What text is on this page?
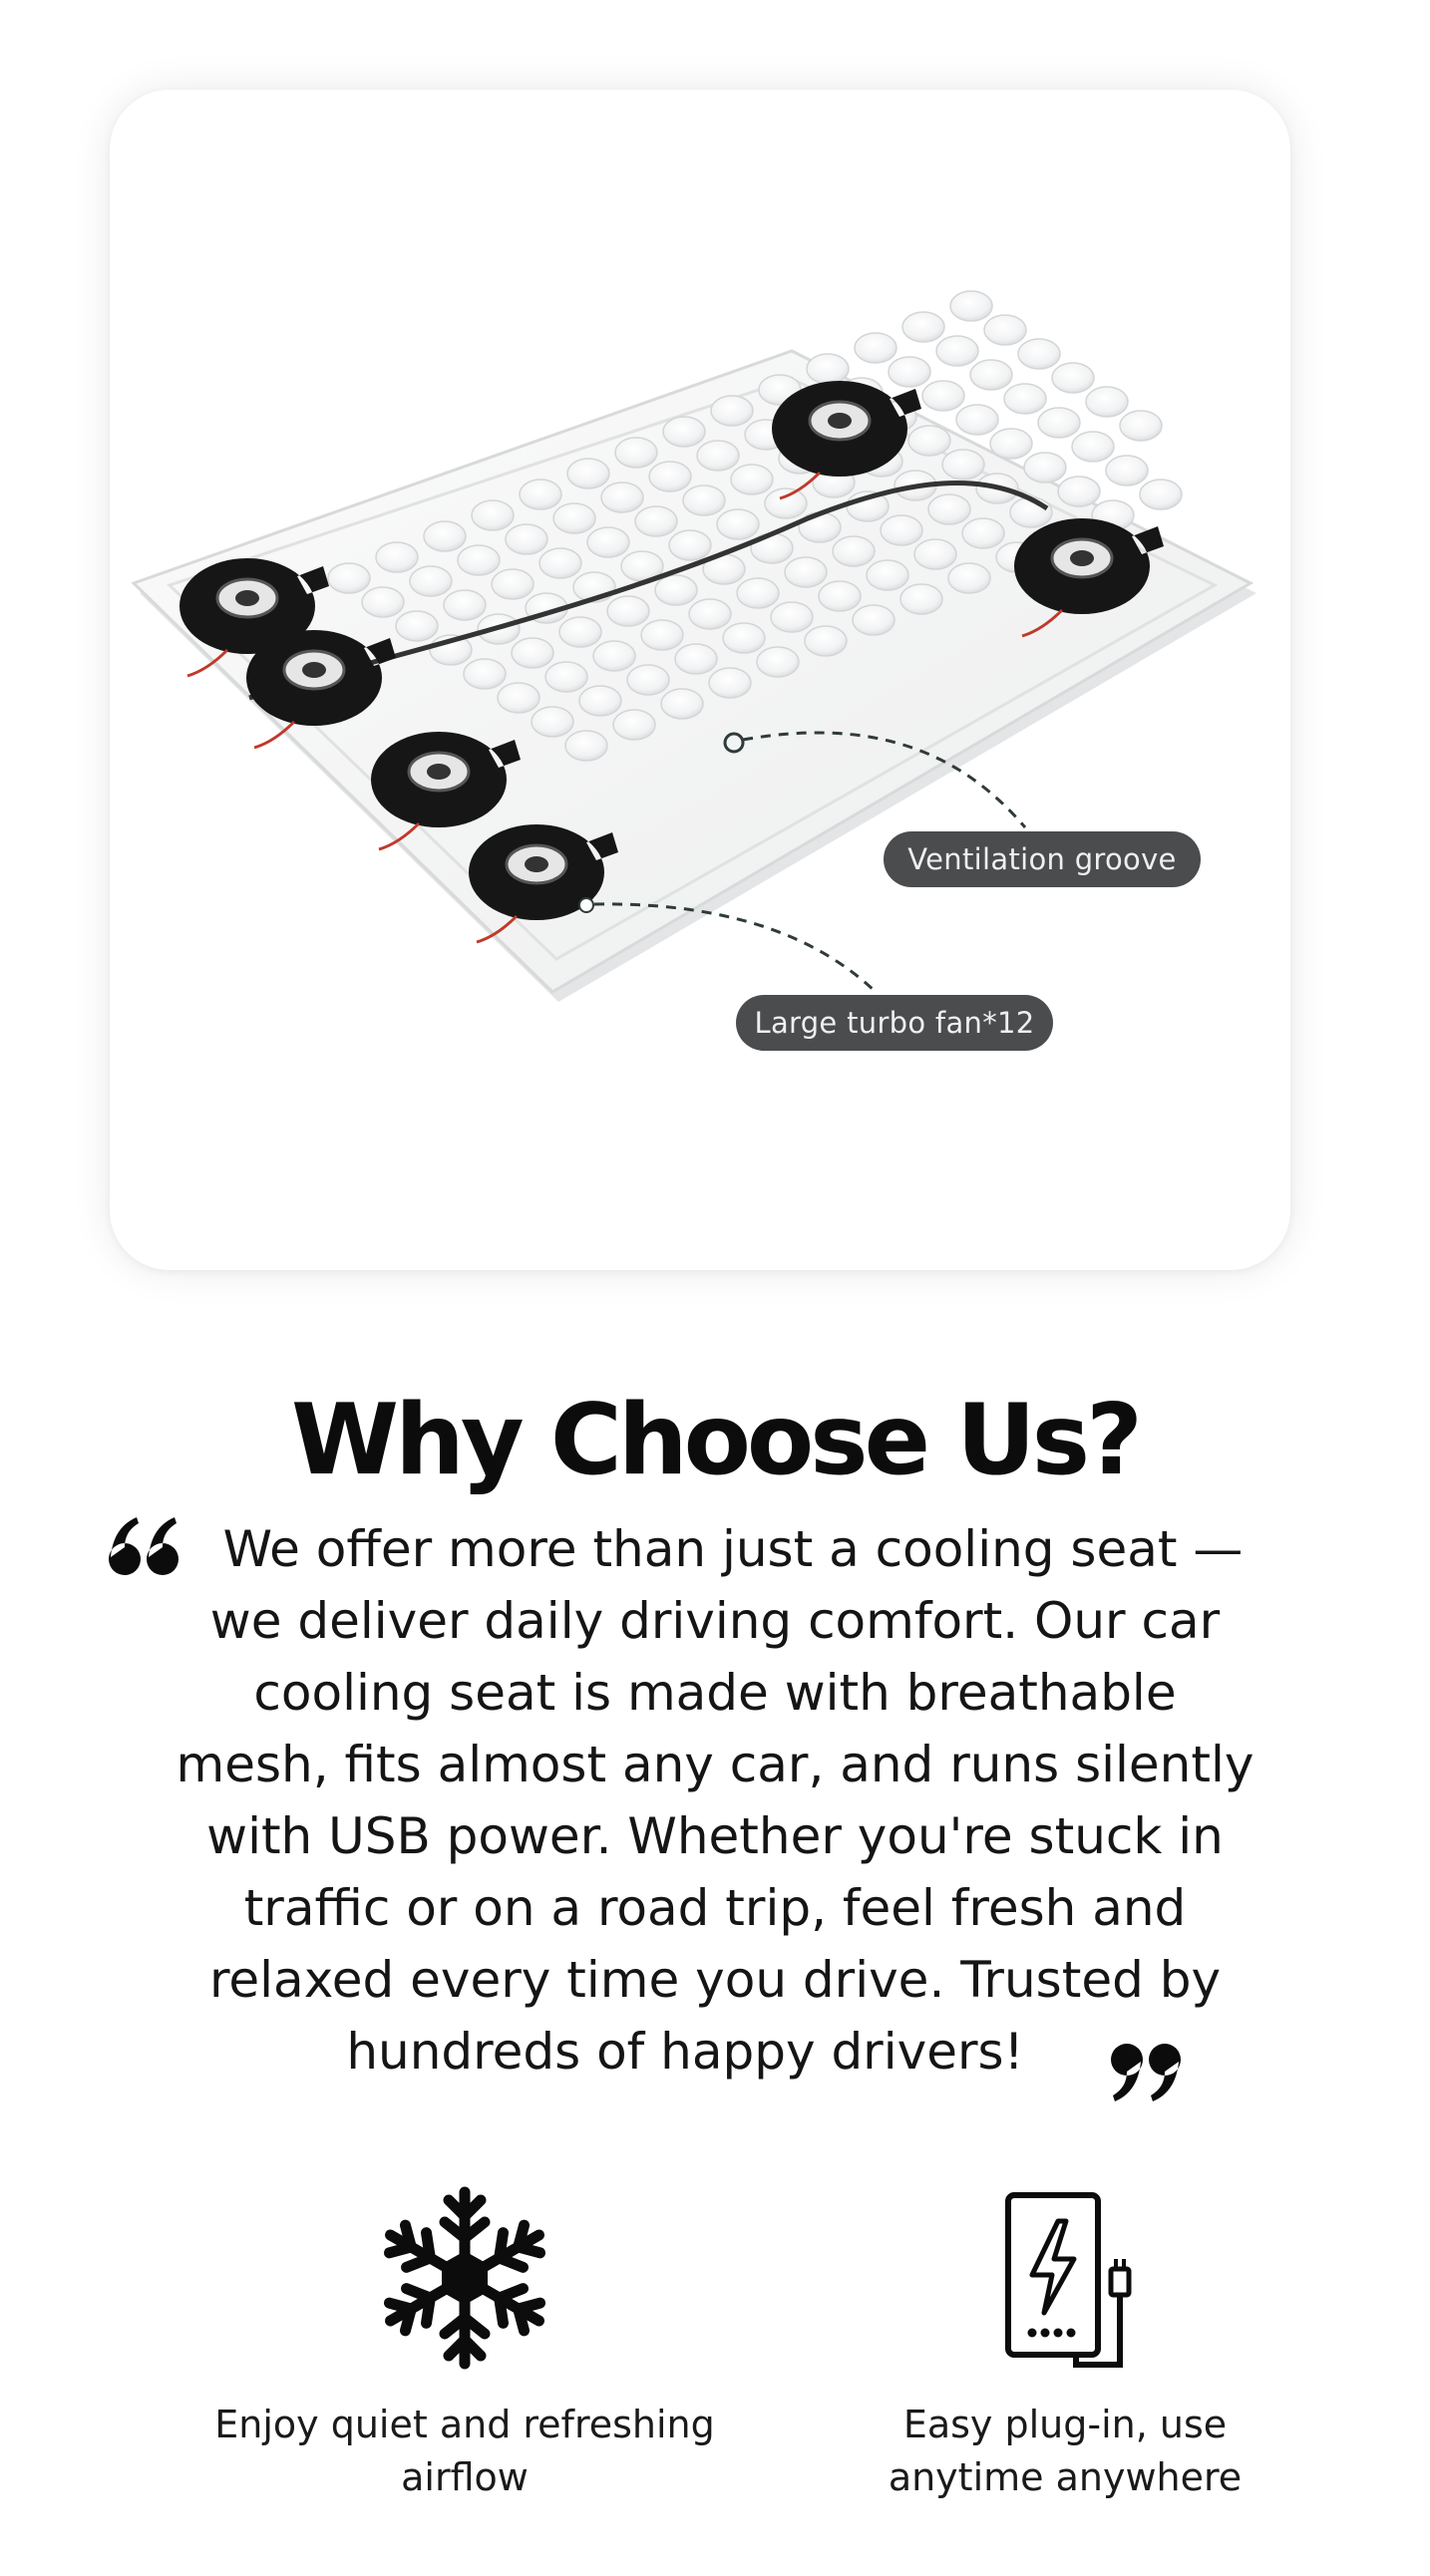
Ventilation groove
Large turbo fan*12
Why Choose Us?
We offer more than just a cooling seat —
we deliver daily driving comfort. Our car
cooling seat is made with breathable
mesh, fits almost any car, and runs silently
with USB power. Whether you're stuck in
traffic or on a road trip, feel fresh and
relaxed every time you drive. Trusted by
hundreds of happy drivers!
Enjoy quiet and refreshing
airflow
Easy plug-in, use
anytime anywhere
